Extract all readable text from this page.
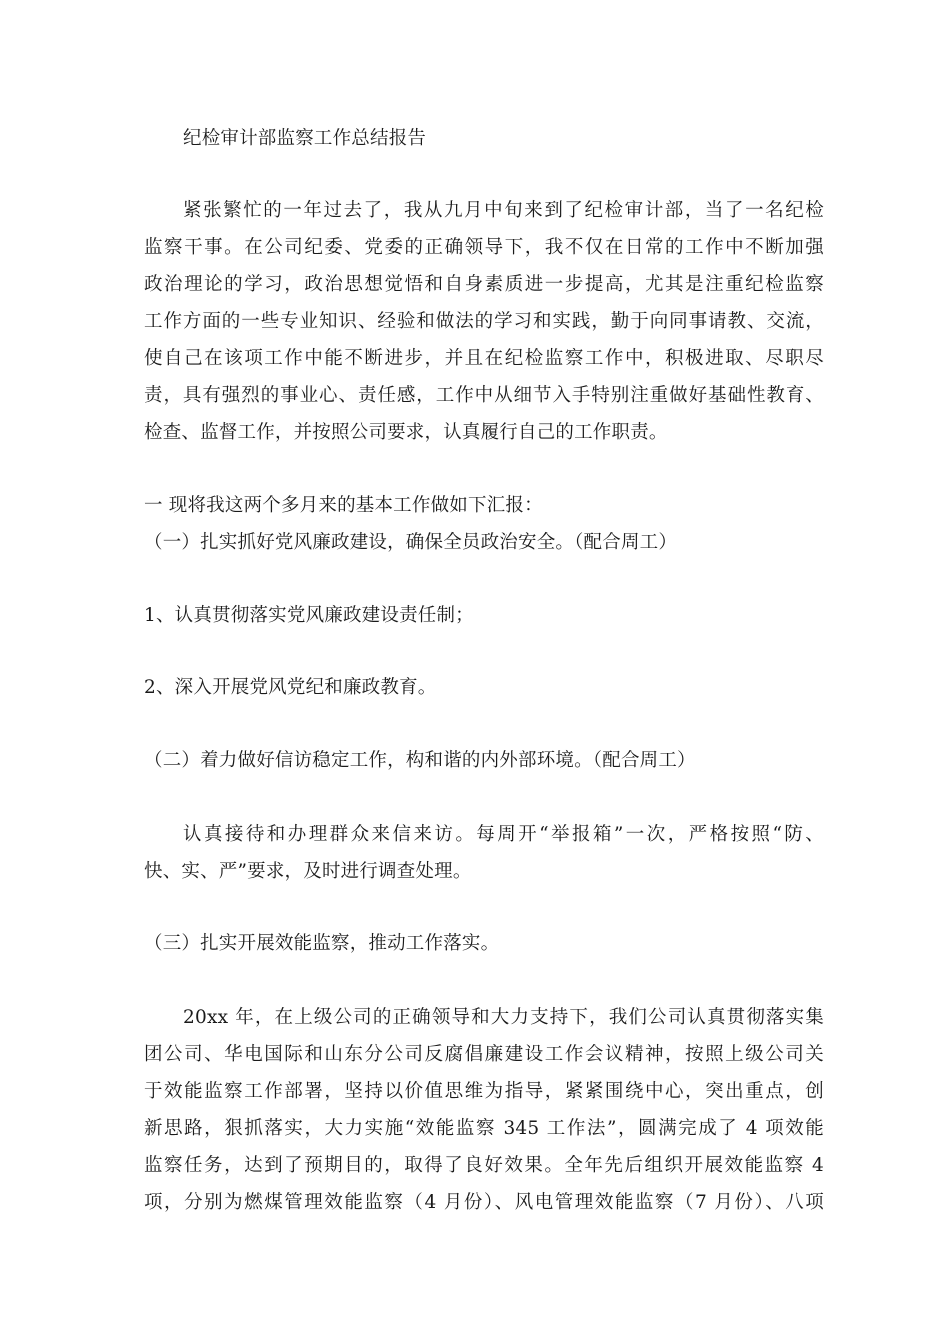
纪检审计部监察工作总结报告
紧张繁忙的一年过去了，我从九月中旬来到了纪检审计部，当了一名纪检
监察干事。在公司纪委、党委的正确领导下，我不仅在日常的工作中不断加强
政治理论的学习，政治思想觉悟和自身素质进一步提高，尤其是注重纪检监察
工作方面的一些专业知识、经验和做法的学习和实践，勤于向同事请教、交流，
使自己在该项工作中能不断进步，并且在纪检监察工作中，积极进取、尽职尽
责，具有强烈的事业心、责任感，工作中从细节入手特别注重做好基础性教育、
检查、监督工作，并按照公司要求，认真履行自己的工作职责。
一 现将我这两个多月来的基本工作做如下汇报：
（一）扎实抓好党风廉政建设，确保全员政治安全。（配合周工）
1、认真贯彻落实党风廉政建设责任制；
2、深入开展党风党纪和廉政教育。
（二）着力做好信访稳定工作，构和谐的内外部环境。（配合周工）
认真接待和办理群众来信来访。每周开“举报箱”一次，严格按照“防、
快、实、严”要求，及时进行调查处理。
（三）扎实开展效能监察，推动工作落实。
20xx 年，在上级公司的正确领导和大力支持下，我们公司认真贯彻落实集
团公司、华电国际和山东分公司反腐倡廉建设工作会议精神，按照上级公司关
于效能监察工作部署，坚持以价值思维为指导，紧紧围绕中心，突出重点，创
新思路，狠抓落实，大力实施“效能监察 345 工作法”，圆满完成了 4 项效能
监察任务，达到了预期目的，取得了良好效果。全年先后组织开展效能监察 4
项，分别为燃煤管理效能监察（4 月份）、风电管理效能监察（7 月份）、八项
